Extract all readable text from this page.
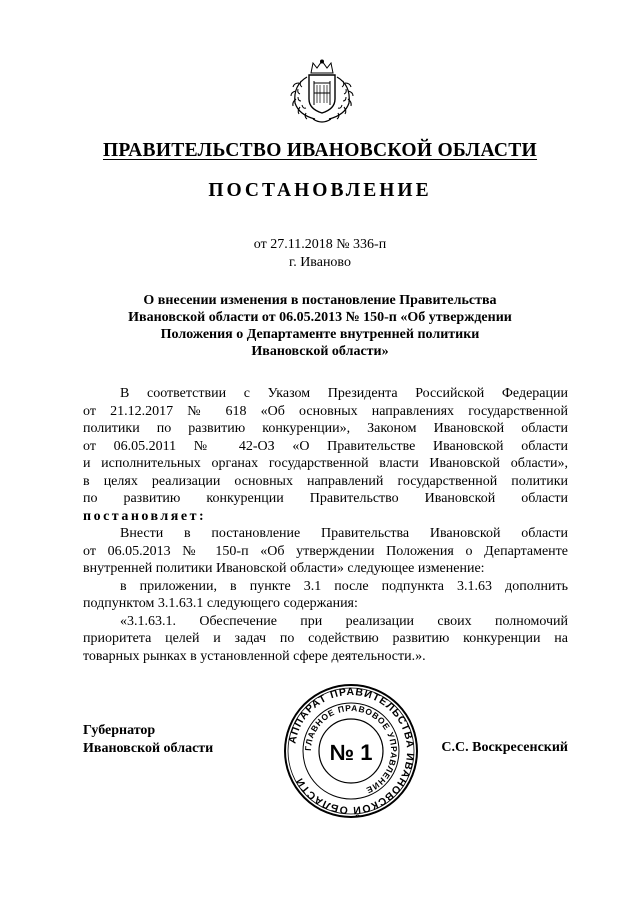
ПРАВИТЕЛЬСТВО ИВАНОВСКОЙ ОБЛАСТИ
ПОСТАНОВЛЕНИЕ
от 27.11.2018 № 336-п
г. Иваново
О внесении изменения в постановление Правительства
Ивановской области от 06.05.2013 № 150-п «Об утверждении
Положения о Департаменте внутренней политики
Ивановской области»

В соответствии с Указом Президента Российской Федерации

от 21.12.2017 № 618 «Об основных направлениях государственной

политики по развитию конкуренции», Законом Ивановской области

от 06.05.2011 № 42-ОЗ «О Правительстве Ивановской области

и исполнительных органах государственной власти Ивановской области»,

в целях реализации основных направлений государственной политики

по развитию конкуренции Правительство Ивановской области

постановляет:

Внести в постановление Правительства Ивановской области

от 06.05.2013 № 150-п «Об утверждении Положения о Департаменте

внутренней политики Ивановской области» следующее изменение:

в приложении, в пункте 3.1 после подпункта 3.1.63 дополнить

подпунктом 3.1.63.1 следующего содержания:

«3.1.63.1. Обеспечение при реализации своих полномочий

приоритета целей и задач по содействию развитию конкуренции на

товарных рынках в установленной сфере деятельности.».

Губернатор
Ивановской области	С.С. Воскресенский
АППАРАТ ПРАВИТЕЛЬСТВА ИВАНОВСКОЙ ОБЛАСТИ
ГЛАВНОЕ ПРАВОВОЕ УПРАВЛЕНИЕ
№ 1
